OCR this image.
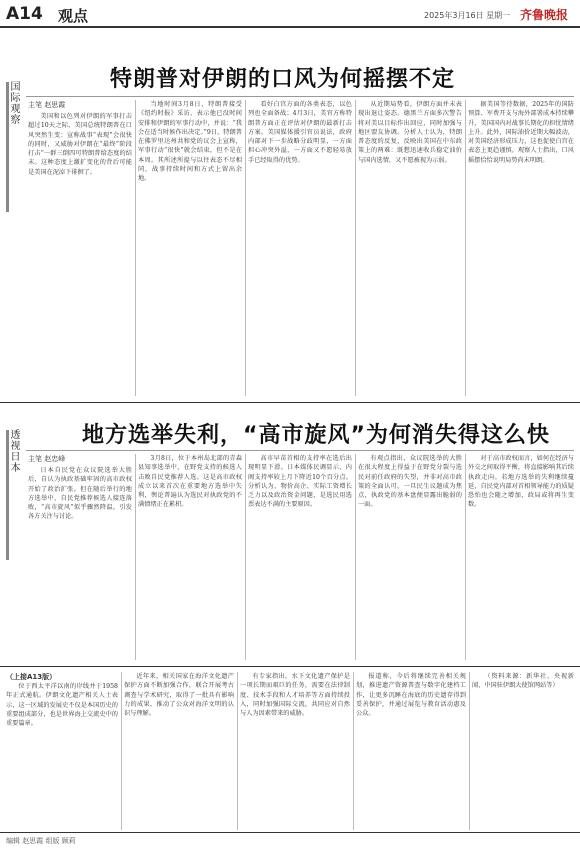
A14 观点	2025年3月16日 星期一 齐鲁晚报
国际观察
特朗普对伊朗的口风为何摇摆不定
主笔 赵思霞

美国和以色列对伊朗的军事打击超过10天之际，美国总统特朗普在口风突然生变：宣称战事“表现”会很快的同时，又威胁对伊朗在“最终”阶段打击“一群三倒四可特朗普给态度的结末。这种态度上激扩变化的背后可能是美国在泥淖下徘徊了。

当地时间3月8日，特朗普接受《纽约时报》采访，表示他已没时间安排和伊朗的军事行动中，并说：“我会在适当时候作出决定。”9日，特朗普在佛罗里达州共和党的议会上宣称，军事行动“很快”就会结束，但不是在本周。其所述所提与以往表态不尽相同，战事持续时间和方式上留出余地。

看好白宫方面的各类表态，以色列也全面备战；4月3日，美官方称特朗普方面正在评估对伊朗的最新打击方案。美国媒体援引官员说法，政府内部对下一步战略分歧明显，一方面担心冲突外溢，一方面又不愿轻易放手已经取得的优势。

从近期局势看，伊朗方面并未表现出退让姿态。德黑兰方面多次警告将对美以目标作出回应，同时加强与地区盟友协调。分析人士认为，特朗普态度的反复，反映出美国在中东政策上的两难：既想迅速收兵稳定油价与国内选情，又不愿被视为示弱。

据美国等待数据，2025年的国防预算、军费开支与海外部署成本持续攀升，美国国内对战事长期化的担忧情绪上升。此外，国际油价近期大幅波动，对美国经济形成压力，这也促使白宫在表态上更趋谨慎。观察人士指出，口风摇摆恰恰说明局势尚未明朗。

透视日本
地方选举失利，“高市旋风”为何消失得这么快
主笔 赵忠峰

日本自民党在众议院选举大胜后，自认为执政基础牢固的高市政权开始了政治扩张。但在随后举行的地方选举中，自民党推荐候选人接连落败，“高市旋风”似乎骤然降温，引发各方关注与讨论。

3月8日，位于本州岛北部的青森县知事选举中，在野党支持的候选人击败自民党推荐人选。这是高市政权成立以来首次在重要地方选举中失利，舆论普遍认为选民对执政党的不满情绪正在累积。

高市早苗首相的支持率在选后出现明显下滑。日本媒体民调显示，内阁支持率较上月下降近10个百分点。分析认为，物价高企、实际工资增长乏力以及政治资金问题，是选民用选票表达不满的主要原因。

有观点指出，众议院选举的大胜在很大程度上得益于在野党分裂与选民对前任政府的失望，并非对高市政策的全面认可。一旦民生议题成为焦点，执政党的基本盘便显露出脆弱的一面。

对于高市政权而言，如何在经济与外交之间取得平衡，将直接影响其后续执政走向。若地方选举的失利继续蔓延，自民党内部对首相领导能力的质疑恐怕也会随之增加，政局或将再生变数。

（上接A13版）

位于西太平洋以南的岸线并于1958年正式通航。伊朗文化遗产相关人士表示，这一区域的发展史不仅是本国历史的重要组成部分，也是世界海上交流史中的重要篇章。

近年来，相关国家在海洋文化遗产保护方面不断加强合作，联合开展考古调查与学术研究，取得了一批具有影响力的成果，推动了公众对海洋文明的认识与理解。

有专家指出，水下文化遗产保护是一项长期而艰巨的任务，需要在法律制度、技术手段和人才培养等方面持续投入，同时加强国际交流，共同应对自然与人为因素带来的威胁。

报道称，今后将继续完善相关规划，推进遗产资源普查与数字化建档工作，让更多沉睡在海底的历史遗存得到妥善保护，并通过展览与教育活动惠及公众。

（资料来源：新华社、央视新闻、中国驻伊朗大使馆网站等）

编辑 赵思霞 组版 顾莉
